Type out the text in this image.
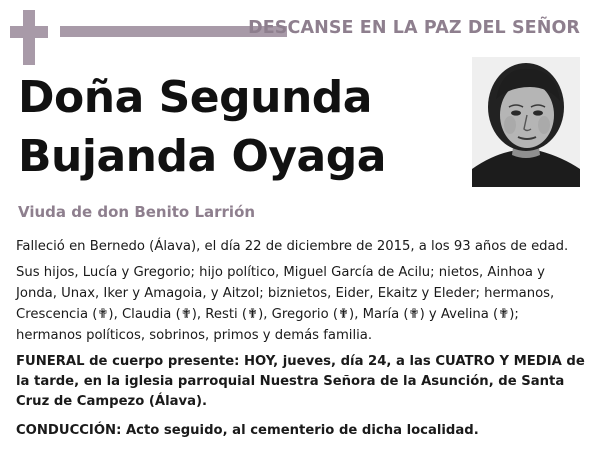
DESCANSE EN LA PAZ DEL SEÑOR
Doña Segunda
Bujanda Oyaga
Viuda de don Benito Larrión
Falleció en Bernedo (Álava), el día 22 de diciembre de 2015, a los 93 años de edad.
Sus hijos, Lucía y Gregorio; hijo político, Miguel García de Acilu; nietos, Ainhoa y Jonda, Unax, Iker y Amagoia, y Aitzol; biznietos, Eider, Ekaitz y Eleder; hermanos, Crescencia (✟), Claudia (✟), Resti (✟), Gregorio (✟), María (✟) y Avelina (✟); hermanos políticos, sobrinos, primos y demás familia.
FUNERAL de cuerpo presente: HOY, jueves, día 24, a las CUATRO Y MEDIA de la tarde, en la iglesia parroquial Nuestra Señora de la Asunción, de Santa Cruz de Campezo (Álava).
CONDUCCIÓN: Acto seguido, al cementerio de dicha localidad.
